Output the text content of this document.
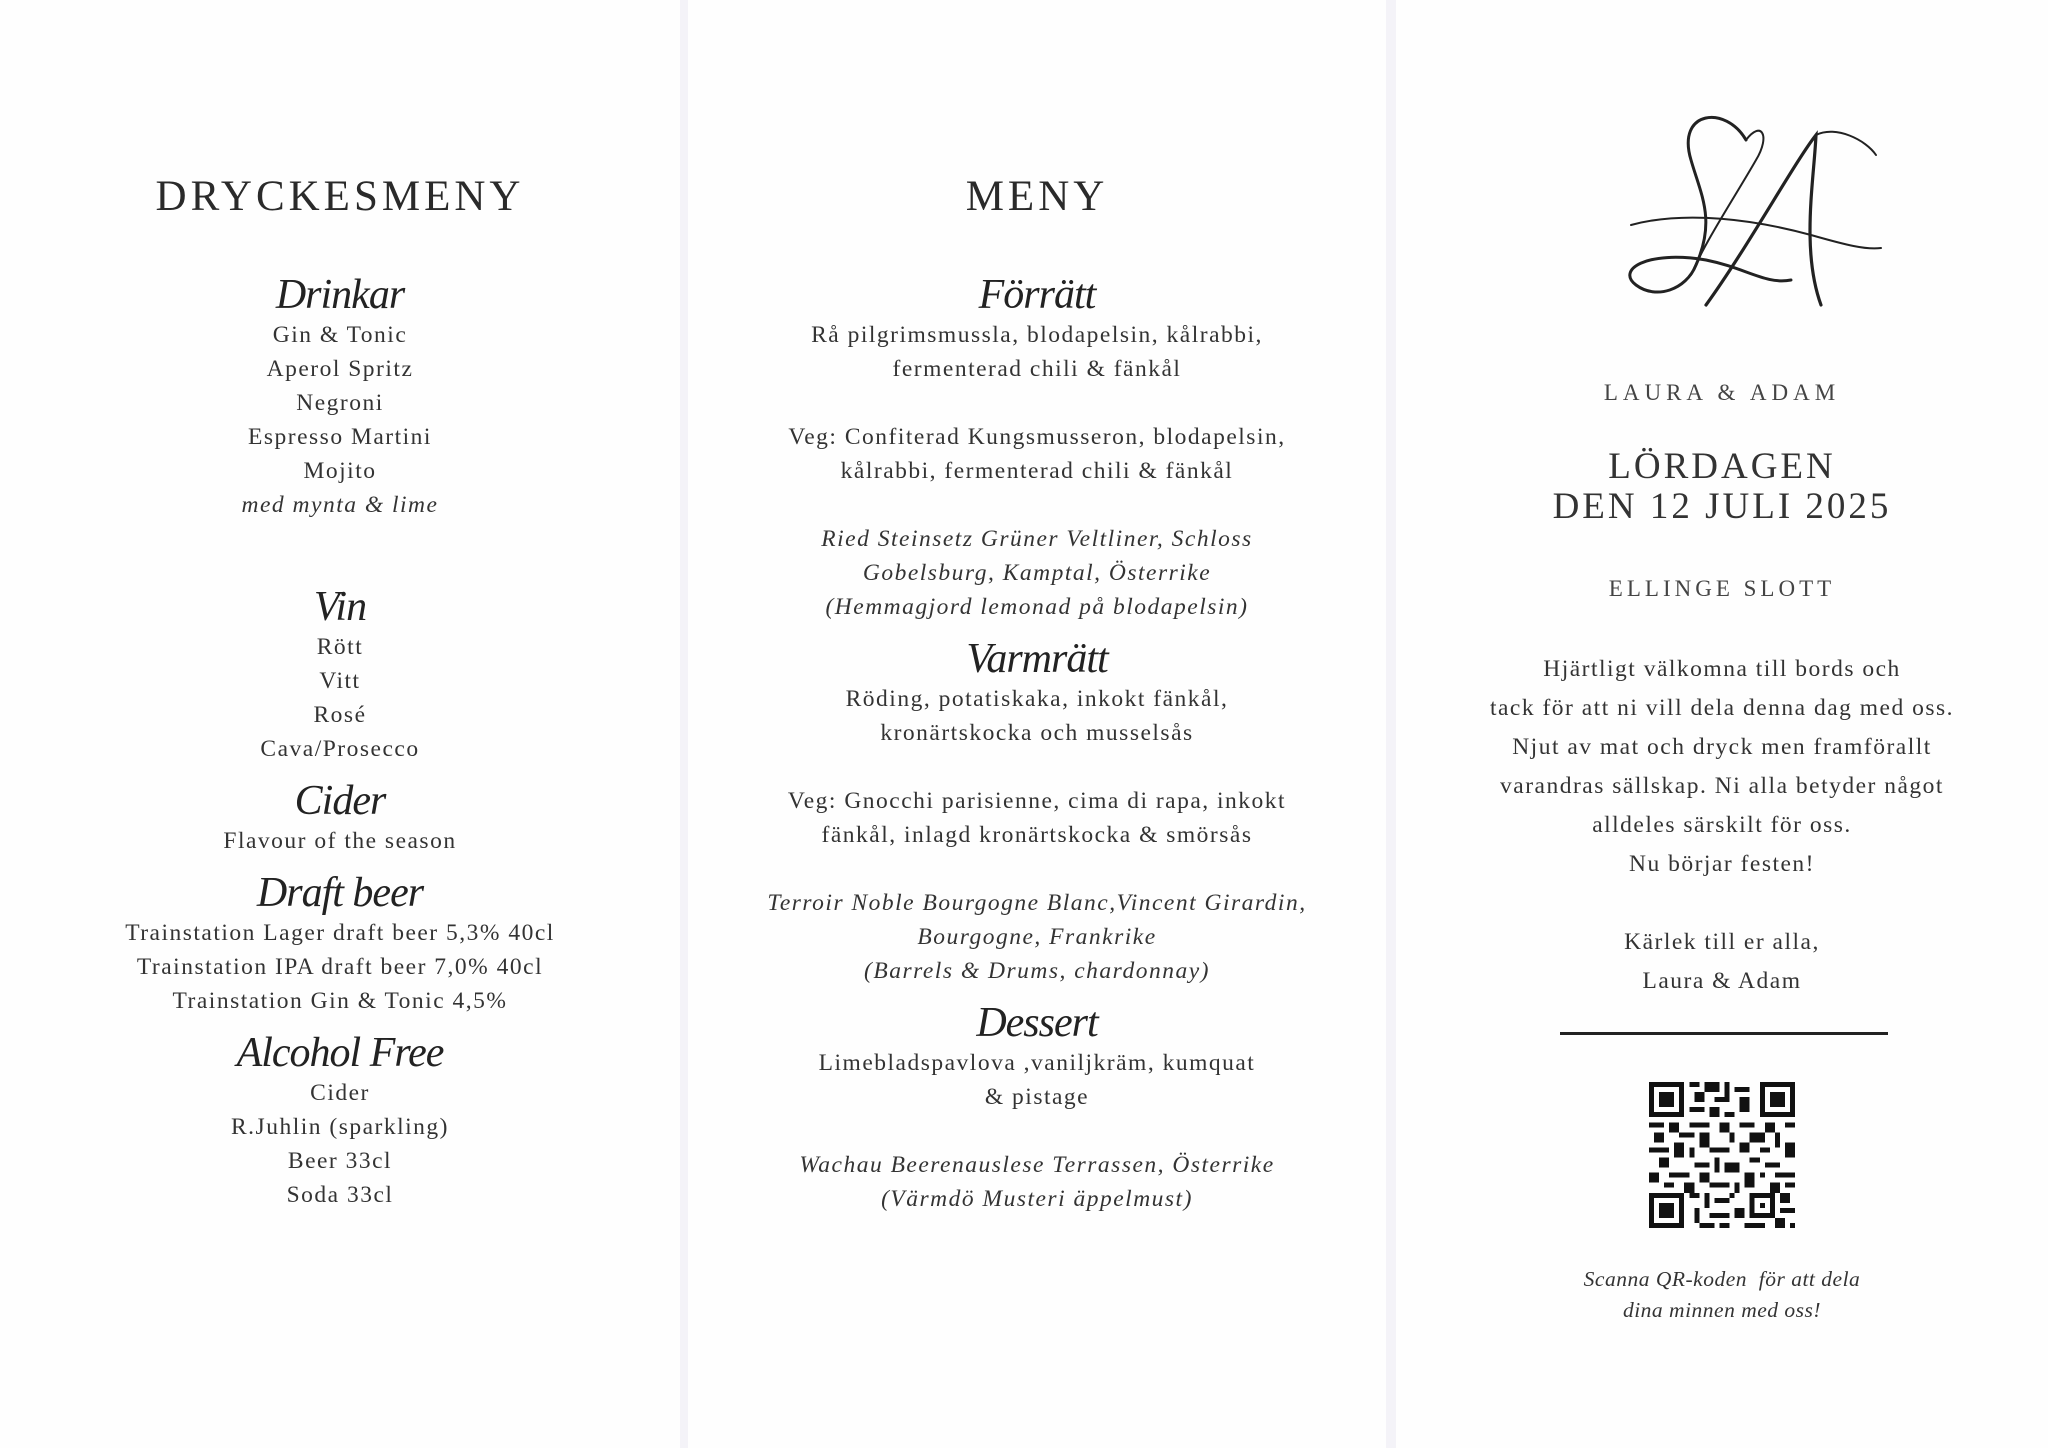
DRYCKESMENY
Drinkar
Gin & Tonic
Aperol Spritz
Negroni
Espresso Martini
Mojito
med mynta & lime
Vin
Rött
Vitt
Rosé
Cava/Prosecco
Cider
Flavour of the season
Draft beer
Trainstation Lager draft beer 5,3% 40cl
Trainstation IPA draft beer 7,0% 40cl
Trainstation Gin & Tonic 4,5%
Alcohol Free
Cider
R.Juhlin (sparkling)
Beer 33cl
Soda 33cl
MENY
Förrätt
Rå pilgrimsmussla, blodapelsin, kålrabbi,
fermenterad chili & fänkål
Veg: Confiterad Kungsmusseron, blodapelsin,
kålrabbi, fermenterad chili & fänkål
Ried Steinsetz Grüner Veltliner, Schloss
Gobelsburg, Kamptal, Österrike
(Hemmagjord lemonad på blodapelsin)
Varmrätt
Röding, potatiskaka, inkokt fänkål,
kronärtskocka och musselsås
Veg: Gnocchi parisienne, cima di rapa, inkokt
fänkål, inlagd kronärtskocka & smörsås
Terroir Noble Bourgogne Blanc,Vincent Girardin,
Bourgogne, Frankrike
(Barrels & Drums, chardonnay)
Dessert
Limebladspavlova ,vaniljkräm, kumquat
& pistage
Wachau Beerenauslese Terrassen, Österrike
(Värmdö Musteri äppelmust)
LAURA & ADAM
LÖRDAGEN
DEN 12 JULI 2025
ELLINGE SLOTT
Hjärtligt välkomna till bords och
tack för att ni vill dela denna dag med oss.
Njut av mat och dryck men framförallt
varandras sällskap. Ni alla betyder något
alldeles särskilt för oss.
Nu börjar festen!
Kärlek till er alla,
Laura & Adam
Scanna QR-koden  för att dela
dina minnen med oss!
